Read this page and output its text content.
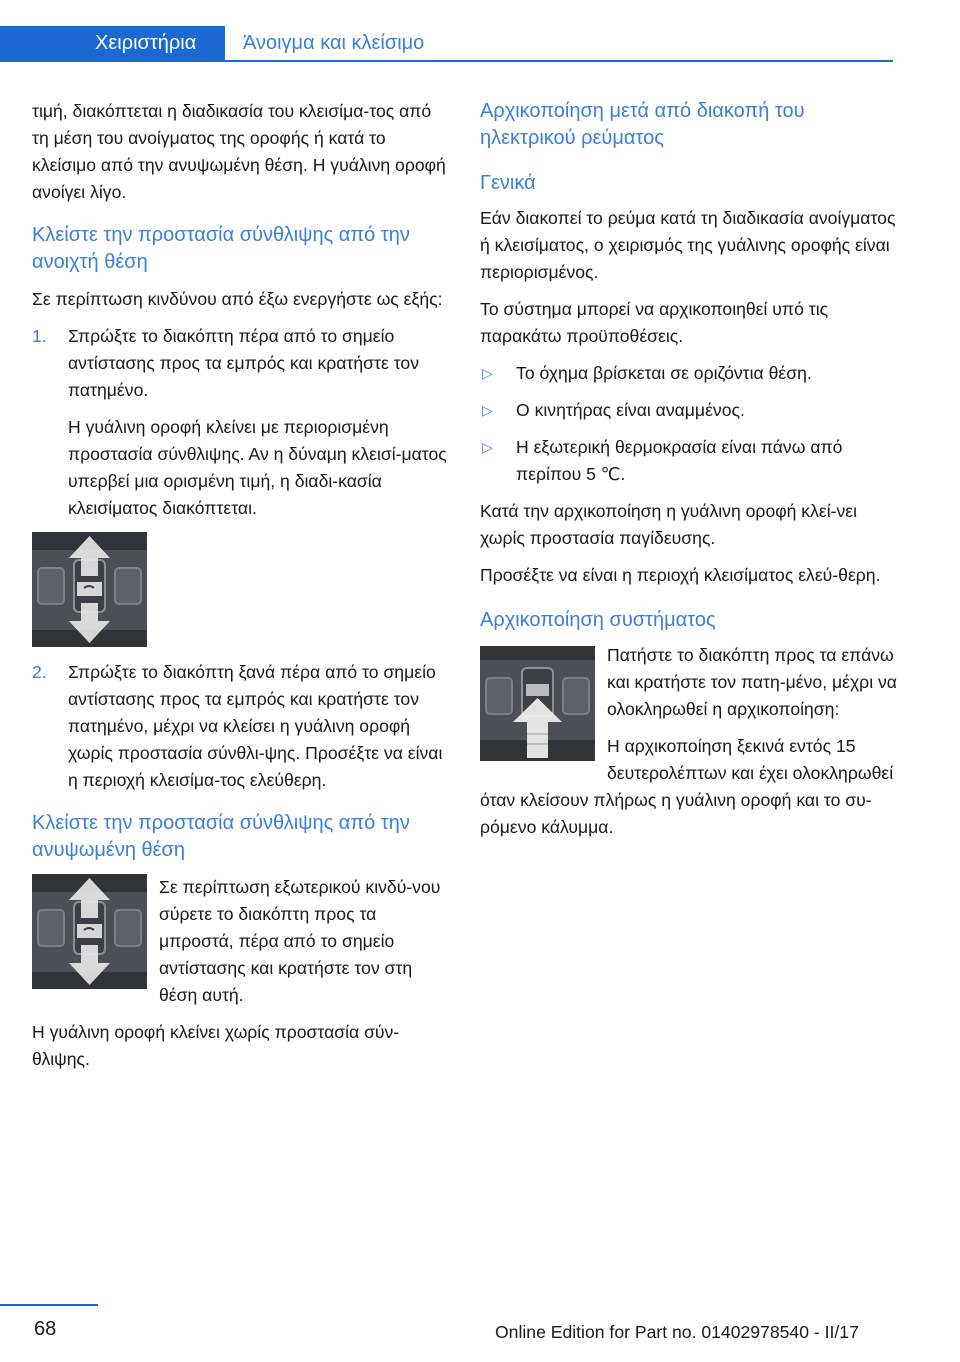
Χειριστήρια Άνοιγμα και κλείσιμο

τιμή, διακόπτεται η διαδικασία του κλεισίμα‐τος από τη μέση του ανοίγματος της οροφής ή κατά το κλείσιμο από την ανυψωμένη θέση. Η γυάλινη οροφή ανοίγει λίγο.

Κλείστε την προστασία σύνθλιψης από την ανοιχτή θέση

Σε περίπτωση κινδύνου από έξω ενεργήστε ως εξής:

1. Σπρώξτε το διακόπτη πέρα από το σημείο αντίστασης προς τα εμπρός και κρατήστε τον πατημένο.

Η γυάλινη οροφή κλείνει με περιορισμένη προστασία σύνθλιψης. Αν η δύναμη κλεισί‐ματος υπερβεί μια ορισμένη τιμή, η διαδι‐κασία κλεισίματος διακόπτεται.

2. Σπρώξτε το διακόπτη ξανά πέρα από το σημείο αντίστασης προς τα εμπρός και κρατήστε τον πατημένο, μέχρι να κλείσει η γυάλινη οροφή χωρίς προστασία σύνθλι‐ψης. Προσέξτε να είναι η περιοχή κλεισίμα‐τος ελεύθερη.

Κλείστε την προστασία σύνθλιψης από την ανυψωμένη θέση

Σε περίπτωση εξωτερικού κινδύ‐νου σύρετε το διακόπτη προς τα μπροστά, πέρα από το σημείο αντίστασης και κρατήστε τον στη θέση αυτή.

Η γυάλινη οροφή κλείνει χωρίς προστασία σύν‐θλιψης.

Αρχικοποίηση μετά από διακοπή του ηλεκτρικού ρεύματος
Γενικά

Εάν διακοπεί το ρεύμα κατά τη διαδικασία ανοίγματος ή κλεισίματος, ο χειρισμός της γυάλινης οροφής είναι περιορισμένος.

Το σύστημα μπορεί να αρχικοποιηθεί υπό τις παρακάτω προϋποθέσεις.

▷ Το όχημα βρίσκεται σε οριζόντια θέση.

▷ Ο κινητήρας είναι αναμμένος.

▷ Η εξωτερική θερμοκρασία είναι πάνω από περίπου 5 ℃.

Κατά την αρχικοποίηση η γυάλινη οροφή κλεί‐νει χωρίς προστασία παγίδευσης.

Προσέξτε να είναι η περιοχή κλεισίματος ελεύ‐θερη.

Αρχικοποίηση συστήματος

Πατήστε το διακόπτη προς τα επάνω και κρατήστε τον πατη‐μένο, μέχρι να ολοκληρωθεί η αρχικοποίηση:

Η αρχικοποίηση ξεκινά εντός 15 δευτερολέπτων και έχει ολοκληρωθεί όταν κλείσουν πλήρως η γυάλινη οροφή και το συ‐ρόμενο κάλυμμα.

68	Online Edition for Part no. 01402978540 - II/17
